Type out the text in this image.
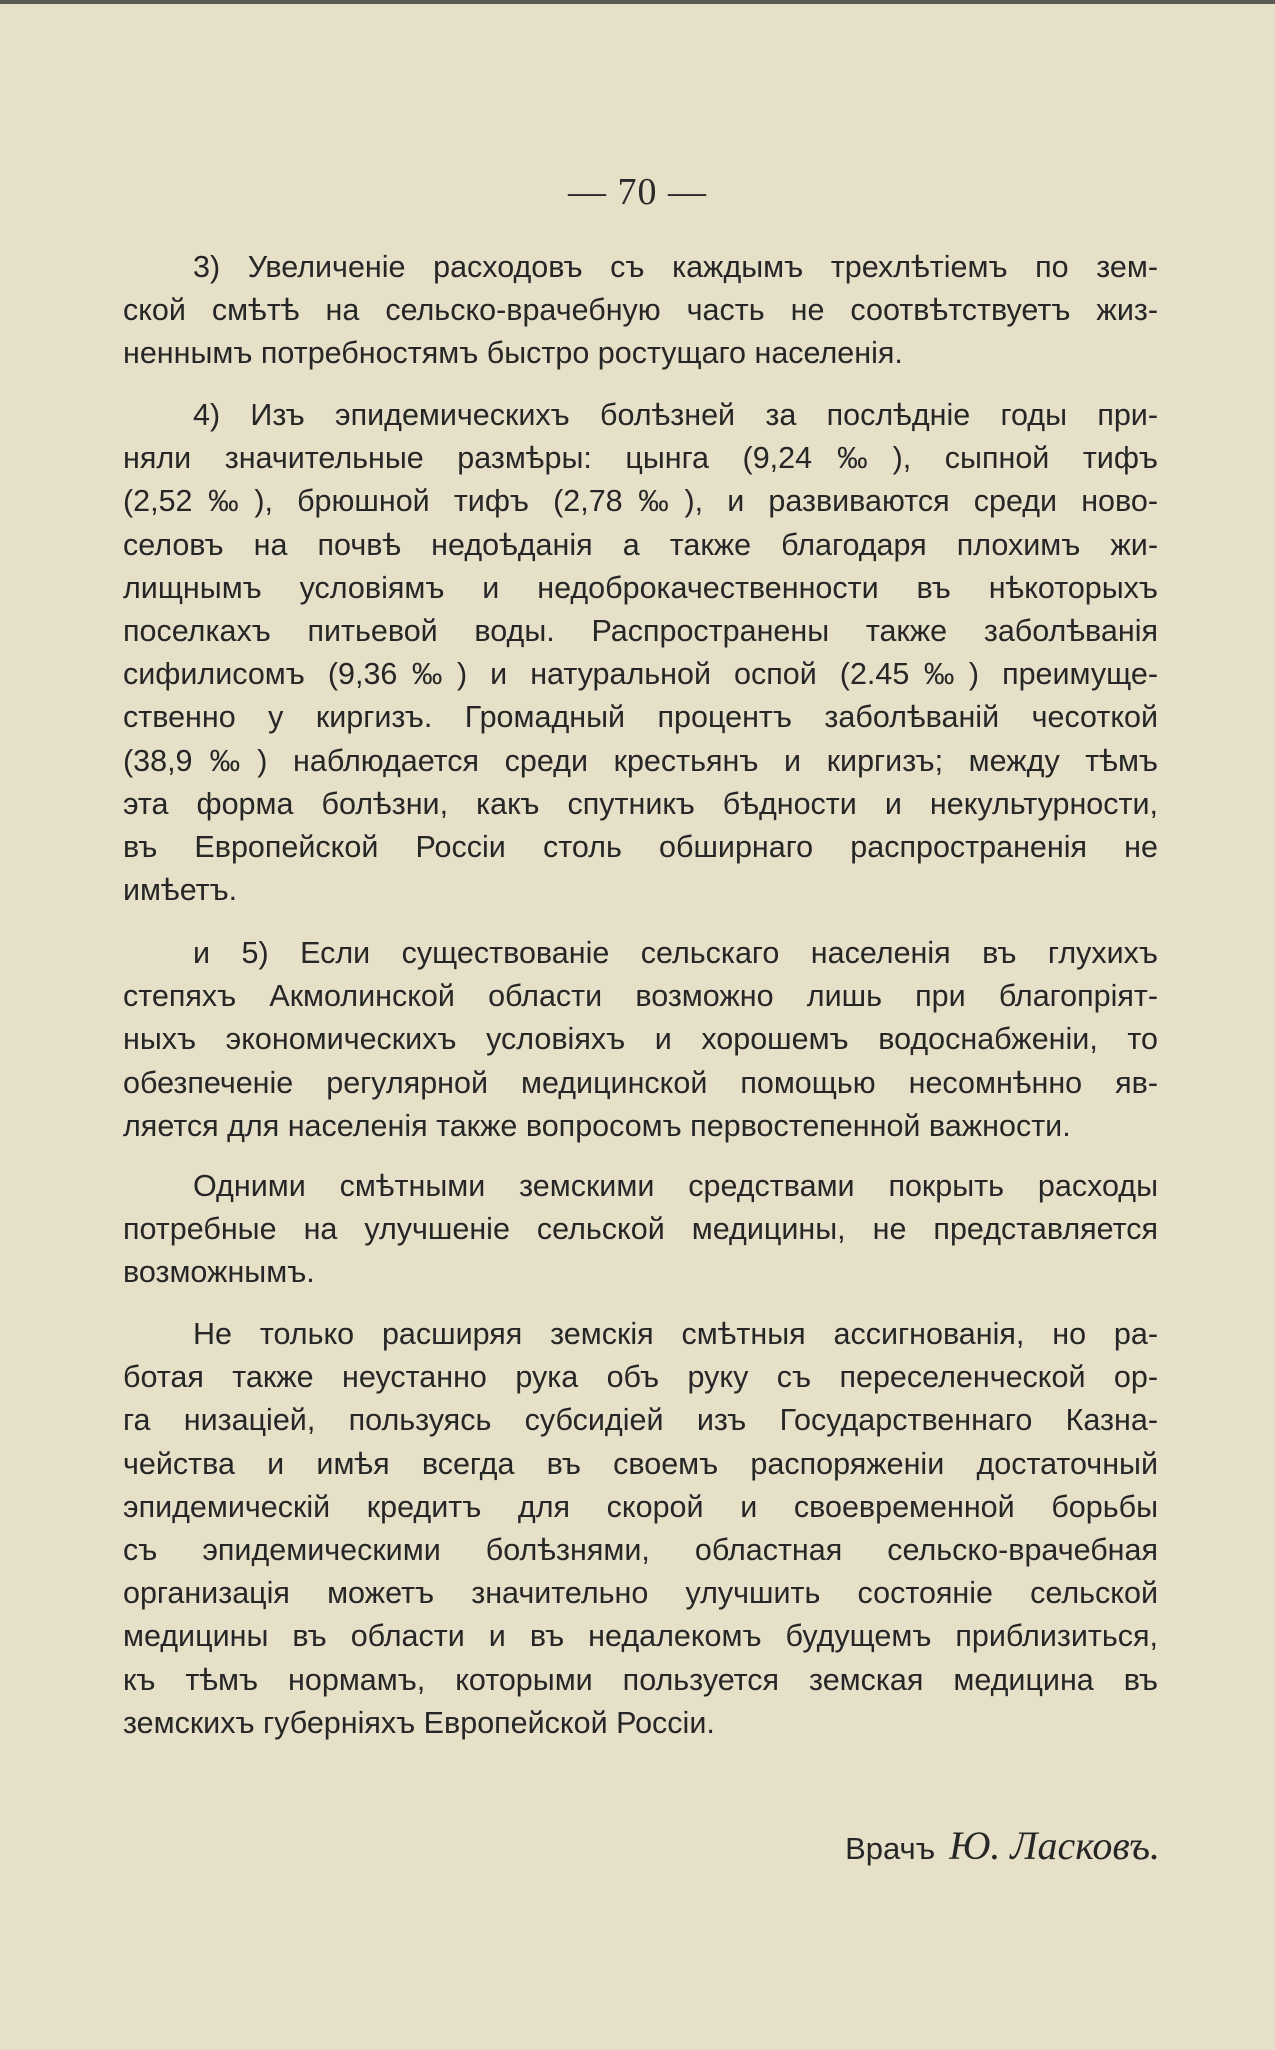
— 70 —
3) Увеличеніе расходовъ съ каждымъ трехлѣтіемъ по зем-
ской смѣтѣ на сельско-врачебную часть не соотвѣтствуетъ жиз-
неннымъ потребностямъ быстро ростущаго населенія.
4) Изъ эпидемическихъ болѣзней за послѣдніе годы при-
няли значительные размѣры: цынга (9,24‰), сыпной тифъ
(2,52‰), брюшной тифъ (2,78‰), и развиваются среди ново-
селовъ на почвѣ недоѣданія а также благодаря плохимъ жи-
лищнымъ условіямъ и недоброкачественности въ нѣкоторыхъ
поселкахъ питьевой воды. Распространены также заболѣванія
сифилисомъ (9,36‰) и натуральной оспой (2.45‰) преимуще-
ственно у киргизъ. Громадный процентъ заболѣваній чесоткой
(38,9‰) наблюдается среди крестьянъ и киргизъ; между тѣмъ
эта форма болѣзни, какъ спутникъ бѣдности и некультурности,
въ Европейской Россіи столь обширнаго распространенія не
имѣетъ.
и 5) Если существованіе сельскаго населенія въ глухихъ
степяхъ Акмолинской области возможно лишь при благопріят-
ныхъ экономическихъ условіяхъ и хорошемъ водоснабженіи, то
обезпеченіе регулярной медицинской помощью несомнѣнно яв-
ляется для населенія также вопросомъ первостепенной важности.
Одними смѣтными земскими средствами покрыть расходы
потребные на улучшеніе сельской медицины, не представляется
возможнымъ.
Не только расширяя земскія смѣтныя ассигнованія, но ра-
ботая также неустанно рука объ руку съ переселенческой ор-
га низаціей, пользуясь субсидіей изъ Государственнаго Казна-
чейства и имѣя всегда въ своемъ распоряженіи достаточный
эпидемическій кредитъ для скорой и своевременной борьбы
съ эпидемическими болѣзнями, областная сельско-врачебная
организація можетъ значительно улучшить состояніе сельской
медицины въ области и въ недалекомъ будущемъ приблизиться,
къ тѣмъ нормамъ, которыми пользуется земская медицина въ
земскихъ губерніяхъ Европейской Россіи.
Врачъ Ю. Ласковъ.
